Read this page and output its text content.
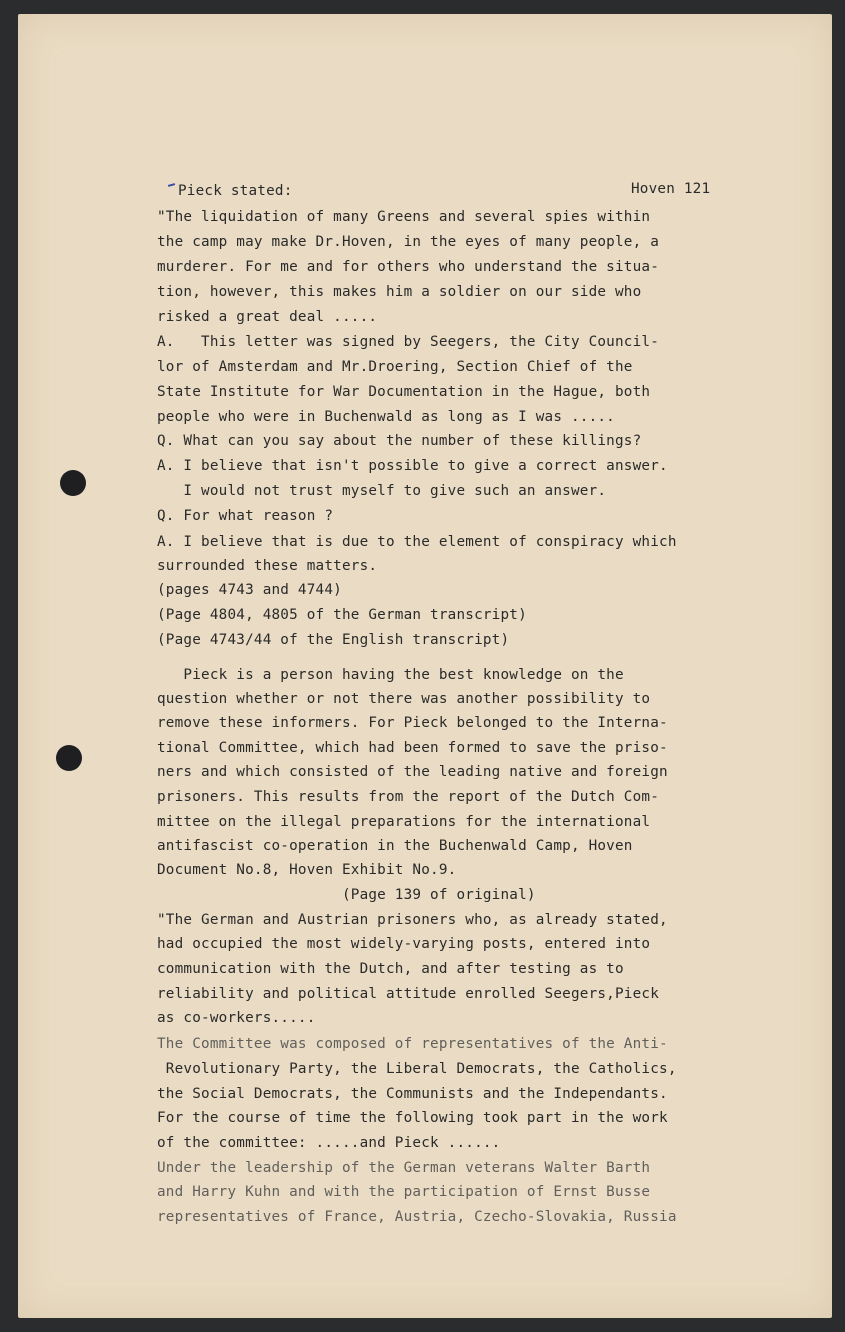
Pieck stated:	Hoven 121

"The liquidation of many Greens and several spies within

the camp may make Dr.Hoven, in the eyes of many people, a

murderer. For me and for others who understand the situa-

tion, however, this makes him a soldier on our side who

risked a great deal .....

A.   This letter was signed by Seegers, the City Council-

lor of Amsterdam and Mr.Droering, Section Chief of the

State Institute for War Documentation in the Hague, both

people who were in Buchenwald as long as I was .....

Q. What can you say about the number of these killings?

A. I believe that isn't possible to give a correct answer.

I would not trust myself to give such an answer.

Q. For what reason ?

A. I believe that is due to the element of conspiracy which

surrounded these matters.

(pages 4743 and 4744)

(Page 4804, 4805 of the German transcript)

(Page 4743/44 of the English transcript)

Pieck is a person having the best knowledge on the

question whether or not there was another possibility to

remove these informers. For Pieck belonged to the Interna-

tional Committee, which had been formed to save the priso-

ners and which consisted of the leading native and foreign

prisoners. This results from the report of the Dutch Com-

mittee on the illegal preparations for the international

antifascist co-operation in the Buchenwald Camp, Hoven

Document No.8, Hoven Exhibit No.9.

(Page 139 of original)

"The German and Austrian prisoners who, as already stated,

had occupied the most widely-varying posts, entered into

communication with the Dutch, and after testing as to

reliability and political attitude enrolled Seegers,Pieck

as co-workers.....

The Committee was composed of representatives of the Anti-

Revolutionary Party, the Liberal Democrats, the Catholics,

the Social Democrats, the Communists and the Independants.

For the course of time the following took part in the work

of the committee: .....and Pieck ......

Under the leadership of the German veterans Walter Barth

and Harry Kuhn and with the participation of Ernst Busse

representatives of France, Austria, Czecho-Slovakia, Russia
